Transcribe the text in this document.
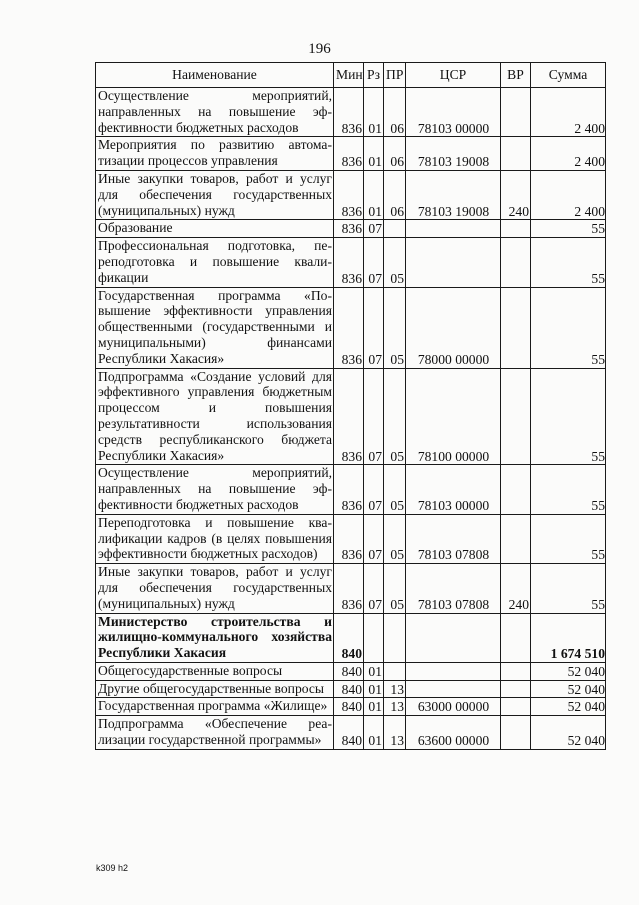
196
Наименование	Мин	Рз	ПР	ЦСР	ВР	Сумма
Осуществление мероприятий, направленных на повышение эффективности бюджетных расходов	836	01	06	78103 00000		2 400
Мероприятия по развитию автоматизации процессов управления	836	01	06	78103 19008		2 400
Иные закупки товаров, работ и услуг для обеспечения государственных (муниципальных) нужд	836	01	06	78103 19008	240	2 400
Образование	836	07				55
Профессиональная подготовка, переподготовка и повышение квалификации	836	07	05			55
Государственная программа «Повышение эффективности управления общественными (государственными и муниципальными) финансами Республики Хакасия»	836	07	05	78000 00000		55
Подпрограмма «Создание условий для эффективного управления бюджетным процессом и повышения результативности использования средств республиканского бюджета Республики Хакасия»	836	07	05	78100 00000		55
Осуществление мероприятий, направленных на повышение эффективности бюджетных расходов	836	07	05	78103 00000		55
Переподготовка и повышение квалификации кадров (в целях повышения эффективности бюджетных расходов)	836	07	05	78103 07808		55
Иные закупки товаров, работ и услуг для обеспечения государственных (муниципальных) нужд	836	07	05	78103 07808	240	55
Министерство строительства и жилищно-коммунального хозяйства Республики Хакасия	840					1 674 510
Общегосударственные вопросы	840	01				52 040
Другие общегосударственные вопросы	840	01	13			52 040
Государственная программа «Жилище»	840	01	13	63000 00000		52 040
Подпрограмма «Обеспечение реализации государственной программы»	840	01	13	63600 00000		52 040
k309 h2
